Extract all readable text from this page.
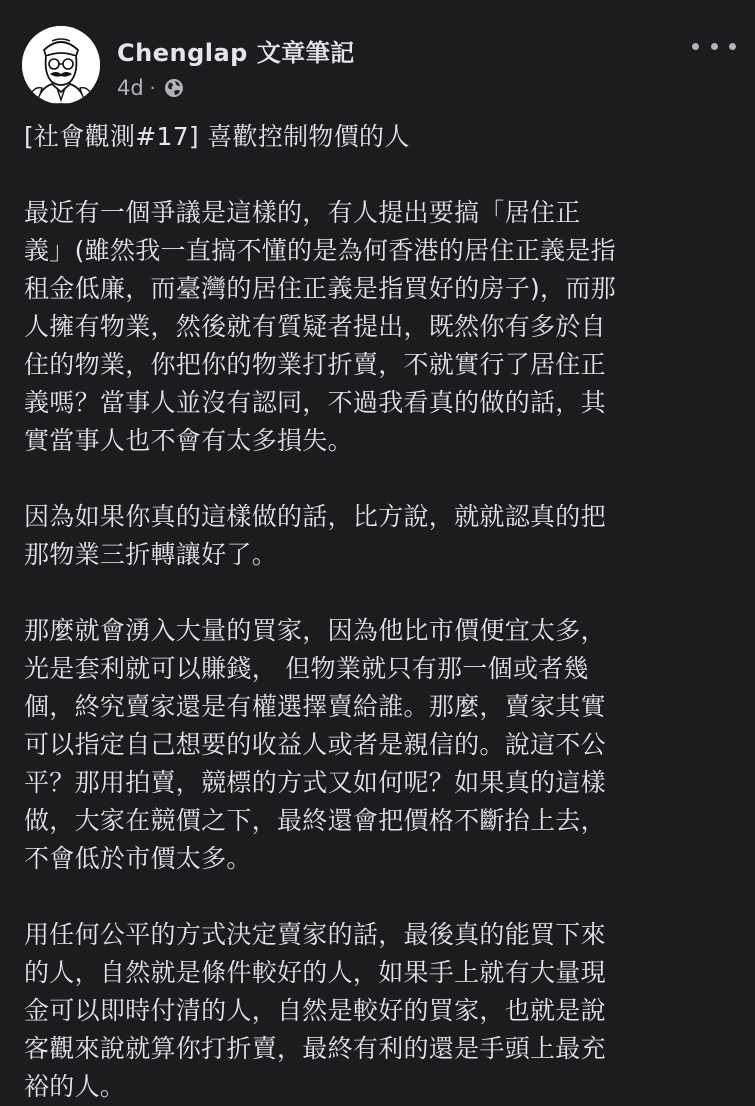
Chenglap 文章筆記
4d ·
[社會觀測#17] 喜歡控制物價的人
最近有一個爭議是這樣的，有人提出要搞「居住正
義」(雖然我一直搞不懂的是為何香港的居住正義是指
租金低廉，而臺灣的居住正義是指買好的房子)，而那
人擁有物業，然後就有質疑者提出，既然你有多於自
住的物業，你把你的物業打折賣，不就實行了居住正
義嗎？當事人並沒有認同，不過我看真的做的話，其
實當事人也不會有太多損失。
因為如果你真的這樣做的話，比方說，就就認真的把
那物業三折轉讓好了。
那麼就會湧入大量的買家，因為他比市價便宜太多，
光是套利就可以賺錢， 但物業就只有那一個或者幾
個，終究賣家還是有權選擇賣給誰。那麼，賣家其實
可以指定自己想要的收益人或者是親信的。說這不公
平？那用拍賣，競標的方式又如何呢？如果真的這樣
做，大家在競價之下，最終還會把價格不斷抬上去，
不會低於市價太多。
用任何公平的方式決定賣家的話，最後真的能買下來
的人，自然就是條件較好的人，如果手上就有大量現
金可以即時付清的人，自然是較好的買家，也就是說
客觀來說就算你打折賣，最終有利的還是手頭上最充
裕的人。
